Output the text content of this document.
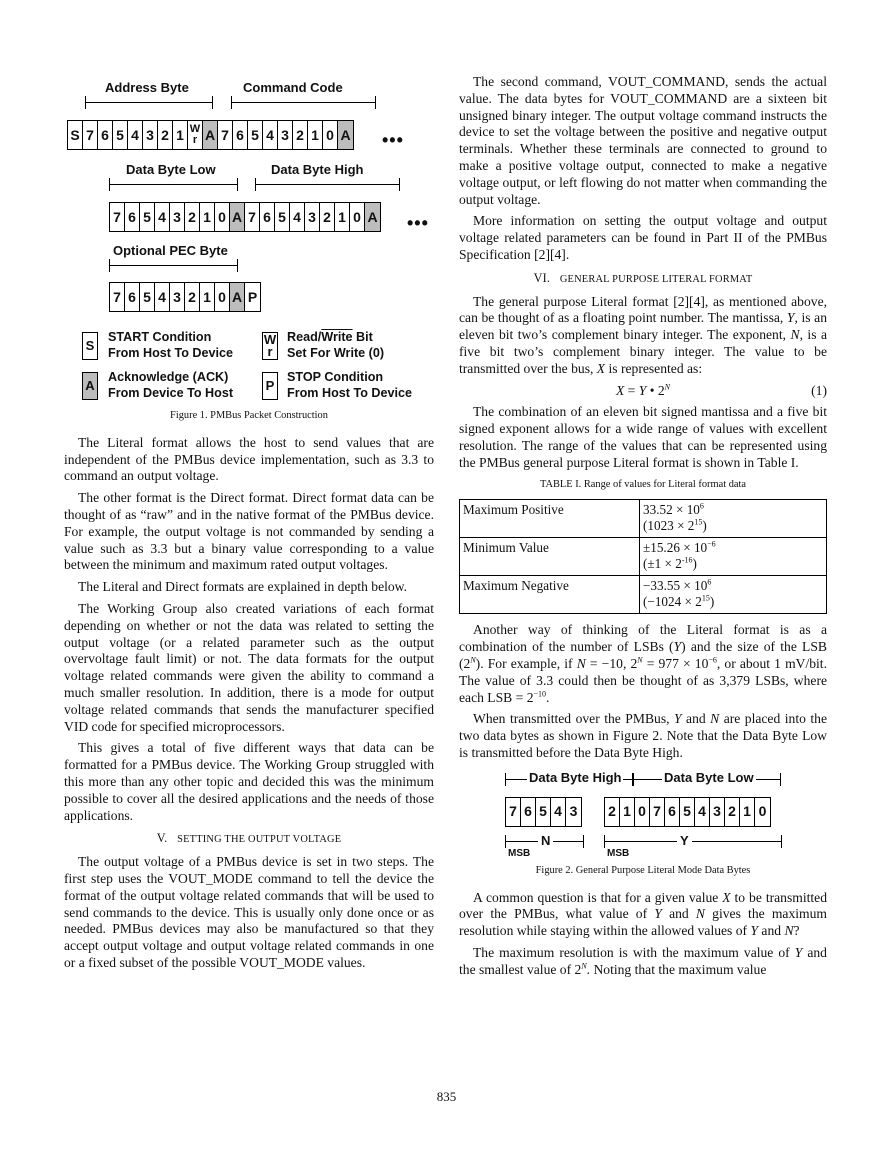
Address Byte	Command Code
S 7 6 5 4 3 2 1 W
r A 7 6 5 4 3 2 1 0 A •••
Data Byte Low	Data Byte High
7 6 5 4 3 2 1 0 A 7 6 5 4 3 2 1 0 A •••
Optional PEC Byte
7 6 5 4 3 2 1 0 A P
S
START Condition
From Host To Device
W
r
Read/Write Bit
Set For Write (0)
A
Acknowledge (ACK)
From Device To Host
P
STOP Condition
From Host To Device
Figure 1. PMBus Packet Construction

The Literal format allows the host to send values that are independent of the PMBus device implementation, such as 3.3 to command an output voltage.

The other format is the Direct format. Direct format data can be thought of as “raw” and in the native format of the PMBus device. For example, the output voltage is not commanded by sending a value such as 3.3 but a binary value corresponding to a value between the minimum and maximum rated output voltages.

The Literal and Direct formats are explained in depth below.

The Working Group also created variations of each format depending on whether or not the data was related to setting the output voltage (or a related parameter such as the output overvoltage fault limit) or not. The data formats for the output voltage related commands were given the ability to command a much smaller resolution. In addition, there is a mode for output voltage related commands that sends the manufacturer specified VID code for specified microprocessors.

This gives a total of five different ways that data can be formatted for a PMBus device. The Working Group struggled with this more than any other topic and decided this was the minimum possible to cover all the desired applications and the needs of those applications.

V. SETTING THE OUTPUT VOLTAGE

The output voltage of a PMBus device is set in two steps. The first step uses the VOUT_MODE command to tell the device the format of the output voltage related commands that will be used to send commands to the device. This is usually only done once or as needed. PMBus devices may also be manufactured so that they accept output voltage and output voltage related commands in one or a fixed subset of the possible VOUT_MODE values.

The second command, VOUT_COMMAND, sends the actual value. The data bytes for VOUT_COMMAND are a sixteen bit unsigned binary integer. The output voltage command instructs the device to set the voltage between the positive and negative output terminals. Whether these terminals are connected to ground to make a positive voltage output, connected to make a negative voltage output, or left flowing do not matter when commanding the output voltage.

More information on setting the output voltage and output voltage related parameters can be found in Part II of the PMBus Specification [2][4].

VI. GENERAL PURPOSE LITERAL FORMAT

The general purpose Literal format [2][4], as mentioned above, can be thought of as a floating point number. The mantissa, Y, is an eleven bit two’s complement binary integer. The exponent, N, is a five bit two’s complement binary integer. The value to be transmitted over the bus, X is represented as:

X = Y • $2^N$	(1)

The combination of an eleven bit signed mantissa and a five bit signed exponent allows for a wide range of values with excellent resolution. The range of the values that can be represented using the PMBus general purpose Literal format is shown in Table I.

TABLE I. Range of values for Literal format data
Maximum Positive	$33.52 \times 10^6$
$(1023 \times 2^{15})$

Minimum Value	$\pm 15.26 \times 10^{-6}$
$(\pm 1 \times 2^{-16})$

Maximum Negative	$-33.55 \times 10^6$
$(-1024 \times 2^{15})$

Another way of thinking of the Literal format is as a combination of the number of LSBs (Y) and the size of the LSB $(2^N)$. For example, if N = −10, $2^N = 977 \times 10^{-6}$, or about 1 mV/bit. The value of 3.3 could then be thought of as 3,379 LSBs, where each LSB = $2^{-10}$.

When transmitted over the PMBus, Y and N are placed into the two data bytes as shown in Figure 2. Note that the Data Byte Low is transmitted before the Data Byte High.

Data Byte High	Data Byte Low
7 6 5 4 3 2 1 0 7 6 5 4 3 2 1 0
N	Y
MSB	MSB
Figure 2. General Purpose Literal Mode Data Bytes

A common question is that for a given value X to be transmitted over the PMBus, what value of Y and N gives the maximum resolution while staying within the allowed values of Y and N?

The maximum resolution is with the maximum value of Y and the smallest value of $2^N$. Noting that the maximum value

835
